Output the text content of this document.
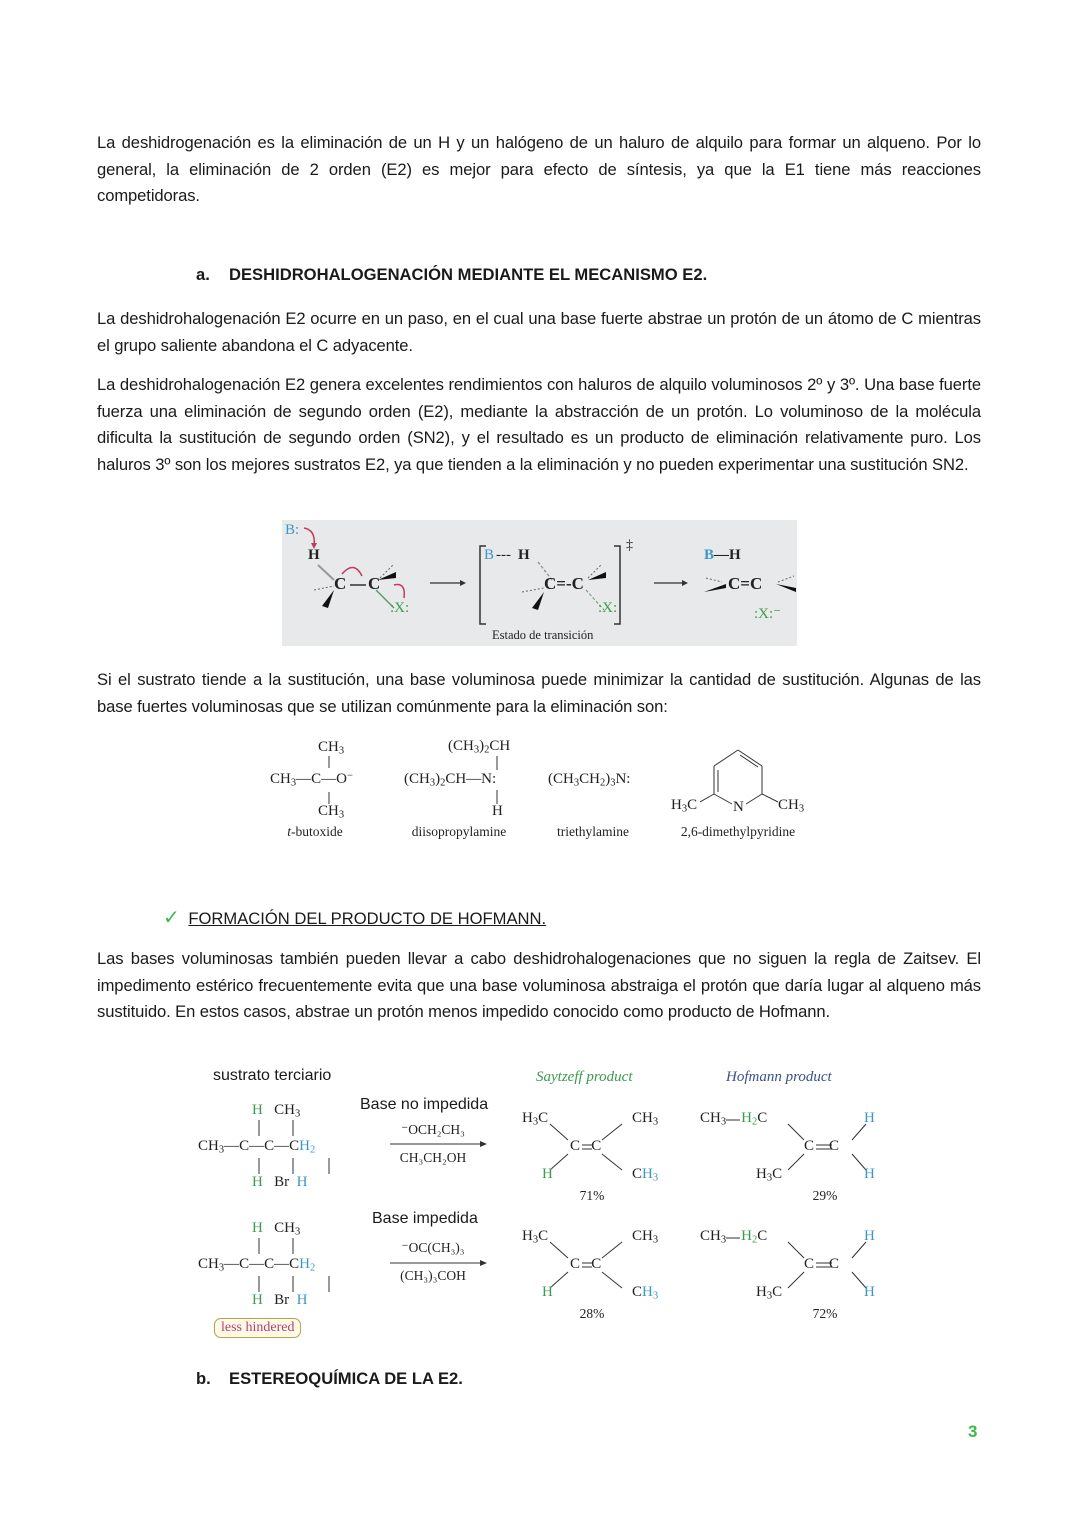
La deshidrogenación es la eliminación de un H y un halógeno de un haluro de alquilo para formar un alqueno. Por lo general, la eliminación de 2 orden (E2) es mejor para efecto de síntesis, ya que la E1 tiene más reacciones competidoras.
a. DESHIDROHALOGENACIÓN MEDIANTE EL MECANISMO E2.
La deshidrohalogenación E2 ocurre en un paso, en el cual una base fuerte abstrae un protón de un átomo de C mientras el grupo saliente abandona el C adyacente.
La deshidrohalogenación E2 genera excelentes rendimientos con haluros de alquilo voluminosos 2º y 3º. Una base fuerte fuerza una eliminación de segundo orden (E2), mediante la abstracción de un protón. Lo voluminoso de la molécula dificulta la sustitución de segundo orden (SN2), y el resultado es un producto de eliminación relativamente puro. Los haluros 3º son los mejores sustratos E2, ya que tienden a la eliminación y no pueden experimentar una sustitución SN2.
B:
H
C C
:X:
B --- H
C=-C
:X:
‡
Estado de transición
B—H
C=C
:X:⁻
Si el sustrato tiende a la sustitución, una base voluminosa puede minimizar la cantidad de sustitución. Algunas de las base fuertes voluminosas que se utilizan comúnmente para la eliminación son:
$CH_3$
$CH_3—C—O^-$
$CH_3$
t-butoxide
$(CH_3)_2CH$
$(CH_3)_2CH—N$:
H
diisopropylamine
$(CH_3CH_2)_3N$:
triethylamine
$H_3C$ N $CH_3$
2,6-dimethylpyridine
✓ FORMACIÓN DEL PRODUCTO DE HOFMANN.
Las bases voluminosas también pueden llevar a cabo deshidrohalogenaciones que no siguen la regla de Zaitsev. El impedimento estérico frecuentemente evita que una base voluminosa abstraiga el protón que daría lugar al alqueno más sustituido. En estos casos, abstrae un protón menos impedido conocido como producto de Hofmann.
sustrato terciario	Saytzeff product	Hofmann product
H   $CH_3$
$CH_3—C—C—CH_2$
H   Br  H
Base no impedida
⁻OCH₂CH₃
CH₃CH₂OH
$H_3C$	$CH_3$
C   C
H	$CH_3$
71%
$CH_3$ $H_2C$	H
C    C
$H_3C$	H
29%
H   $CH_3$
$CH_3—C—C—CH_2$
H   Br  H
less hindered
Base impedida
⁻OC(CH₃)₃
(CH₃)₃COH
$H_3C$	$CH_3$
C   C
H	$CH_3$
28%
$CH_3$ $H_2C$	H
C    C
$H_3C$	H
72%
b. ESTEREOQUÍMICA DE LA E2.
3
